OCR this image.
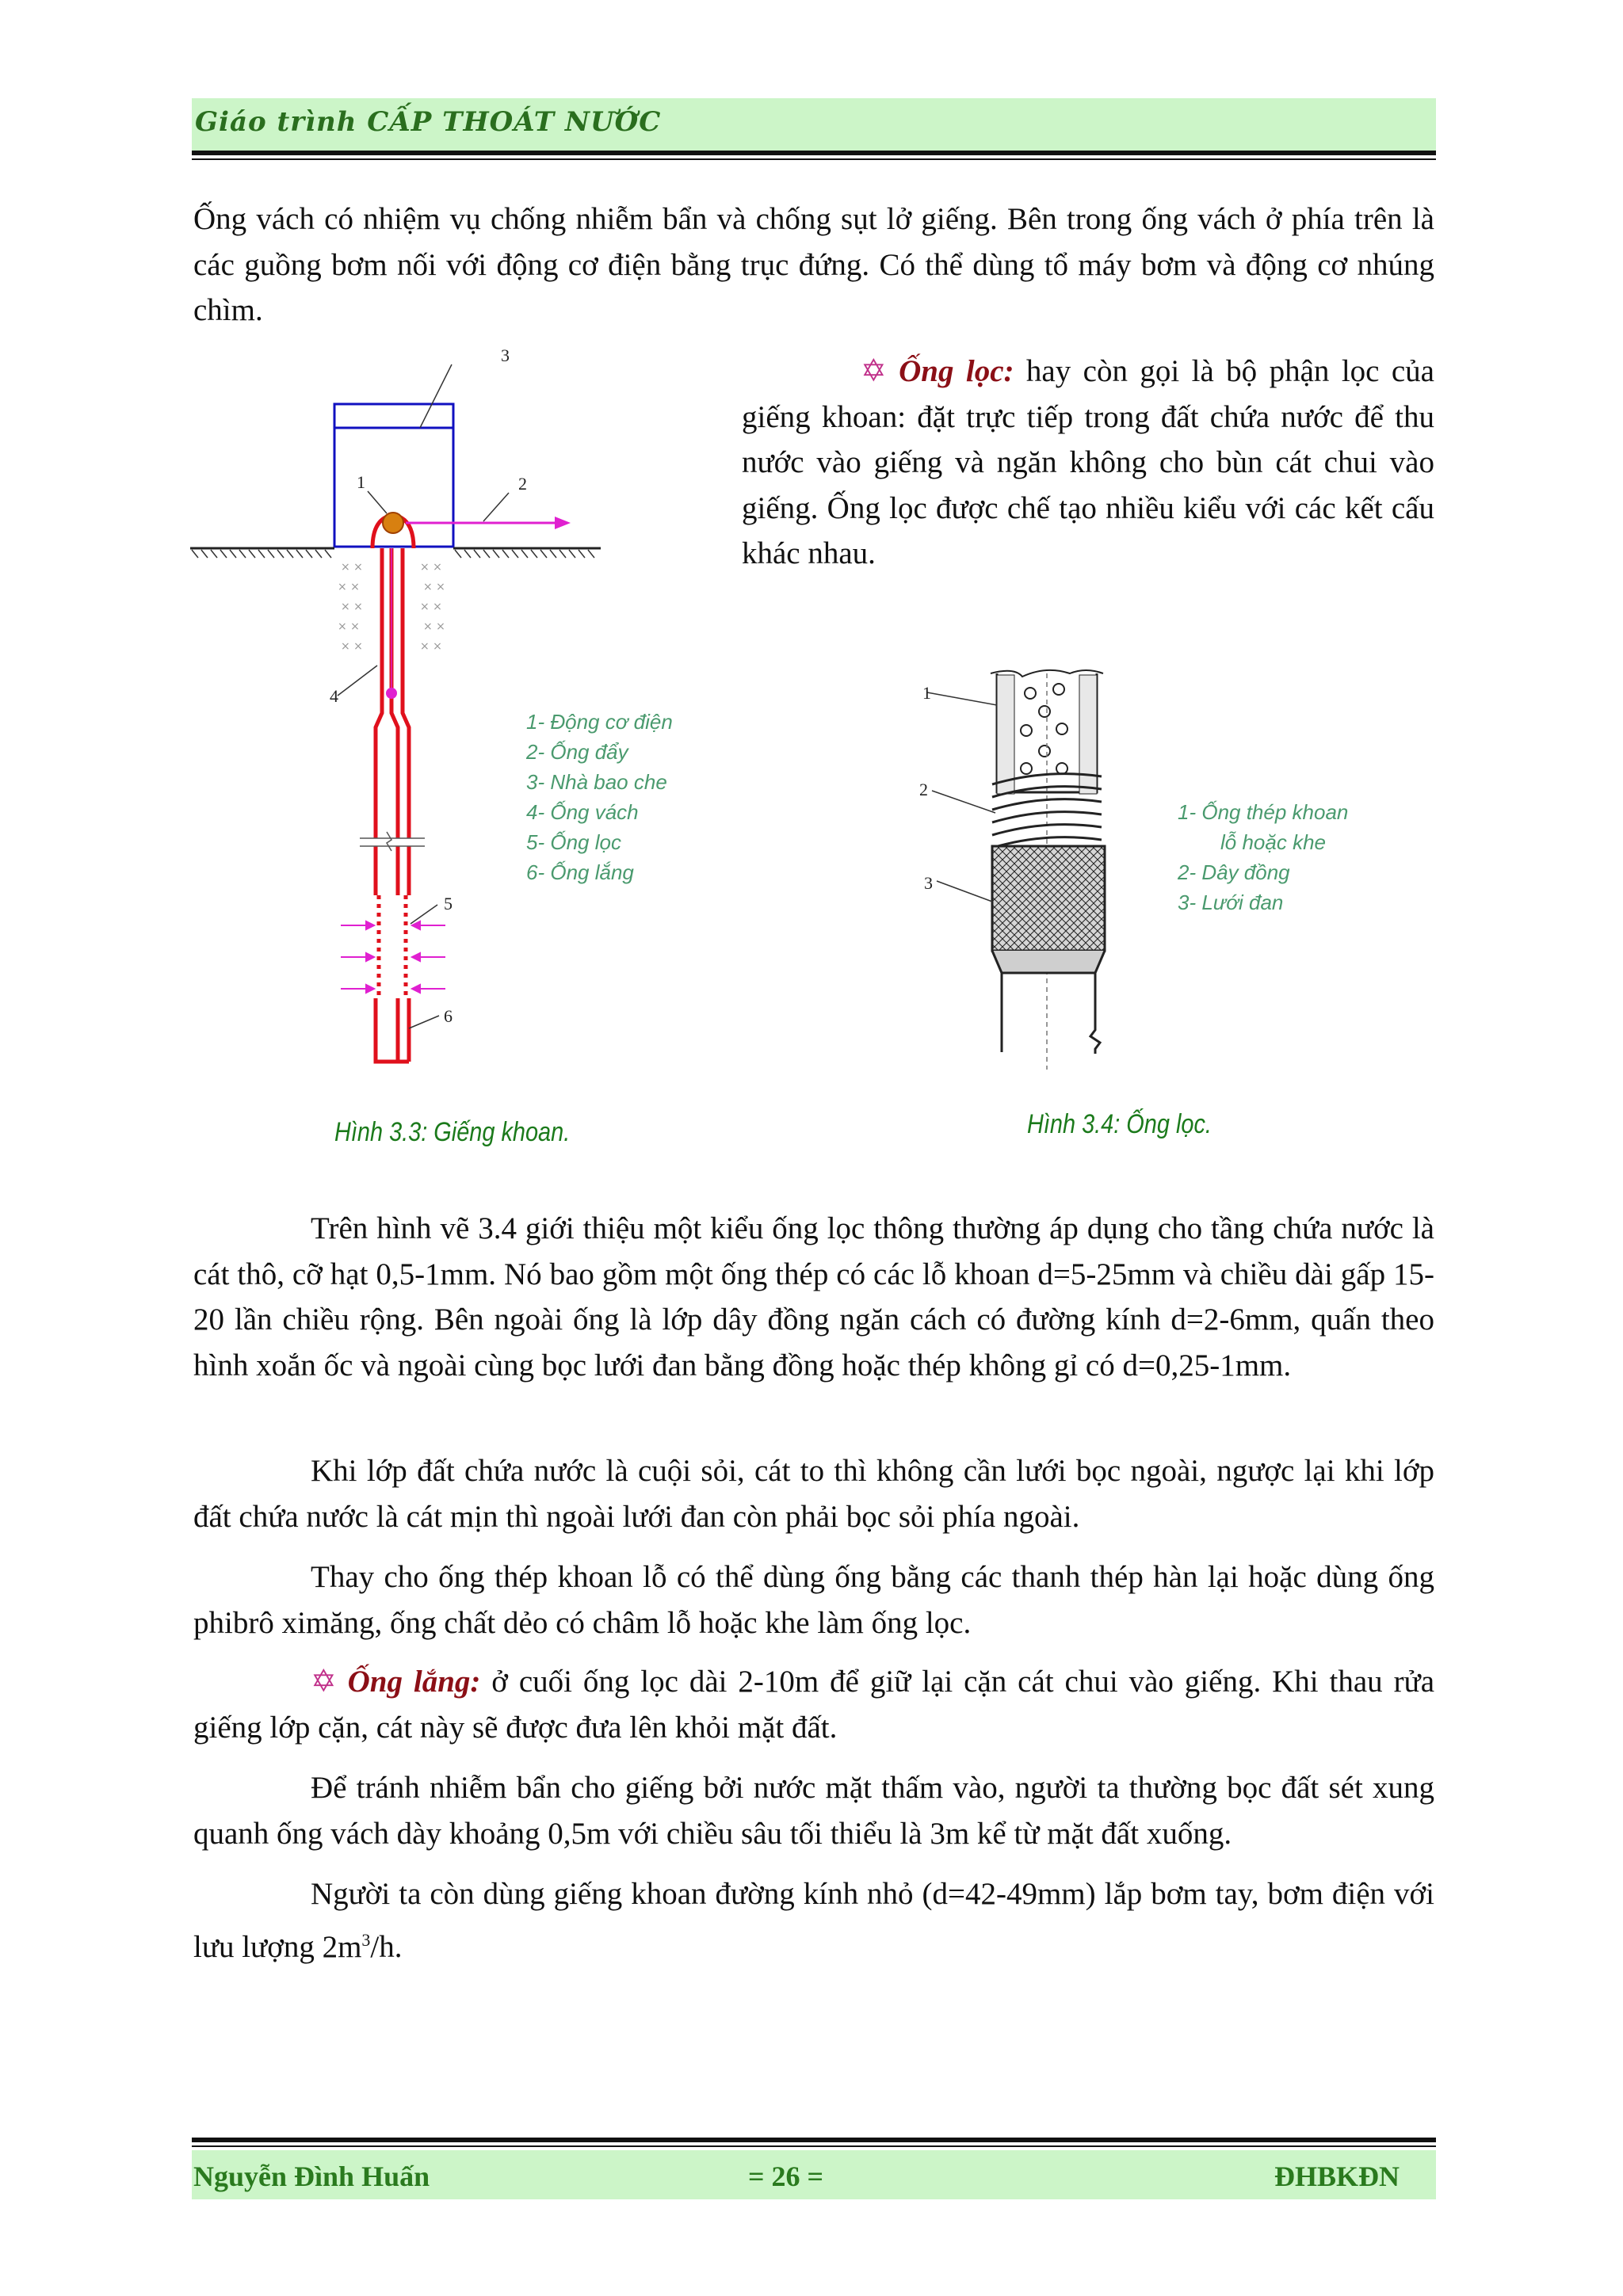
Giáo trình CẤP THOÁT NƯỚC

Ống vách có nhiệm vụ chống nhiễm bẩn và chống sụt lở giếng. Bên trong ống vách ở phía trên là các guồng bơm nối với động cơ điện bằng trục đứng. Có thể dùng tổ máy bơm và động cơ nhúng chìm.

✡ Ống lọc: hay còn gọi là bộ phận lọc của giếng khoan: đặt trực tiếp trong đất chứa nước để thu nước vào giếng và ngăn không cho bùn cát chui vào giếng. Ống lọc được chế tạo nhiều kiểu với các kết cấu khác nhau.

× ×	× ×
× ×	× ×
× ×	× ×
× ×	× ×
× ×	× ×
3
1	2
4
5
6
1- Động cơ điện
2- Ống đẩy
3- Nhà bao che
4- Ống vách
5- Ống lọc
6- Ống lắng
Hình 3.3: Giếng khoan.
1
2
3
1- Ống thép khoan
lỗ hoặc khe
2- Dây đồng
3- Lưới đan
Hình 3.4: Ống lọc.

Trên hình vẽ 3.4 giới thiệu một kiểu ống lọc thông thường áp dụng cho tầng chứa nước là cát thô, cỡ hạt 0,5-1mm. Nó bao gồm một ống thép có các lỗ khoan d=5-25mm và chiều dài gấp 15-20 lần chiều rộng. Bên ngoài ống là lớp dây đồng ngăn cách có đường kính d=2-6mm, quấn theo hình xoắn ốc và ngoài cùng bọc lưới đan bằng đồng hoặc thép không gỉ có d=0,25-1mm.

Khi lớp đất chứa nước là cuội sỏi, cát to thì không cần lưới bọc ngoài, ngược lại khi lớp đất chứa nước là cát mịn thì ngoài lưới đan còn phải bọc sỏi phía ngoài.

Thay cho ống thép khoan lỗ có thể dùng ống bằng các thanh thép hàn lại hoặc dùng ống phibrô ximăng, ống chất dẻo có châm lỗ hoặc khe làm ống lọc.

✡ Ống lắng: ở cuối ống lọc dài 2-10m để giữ lại cặn cát chui vào giếng. Khi thau rửa giếng lớp cặn, cát này sẽ được đưa lên khỏi mặt đất.

Để tránh nhiễm bẩn cho giếng bởi nước mặt thấm vào, người ta thường bọc đất sét xung quanh ống vách dày khoảng 0,5m với chiều sâu tối thiểu là 3m kể từ mặt đất xuống.

Người ta còn dùng giếng khoan đường kính nhỏ (d=42-49mm) lắp bơm tay, bơm điện với lưu lượng $2m^3/h$.

Nguyễn Đình Huấn	= 26 =	ĐHBKĐN
